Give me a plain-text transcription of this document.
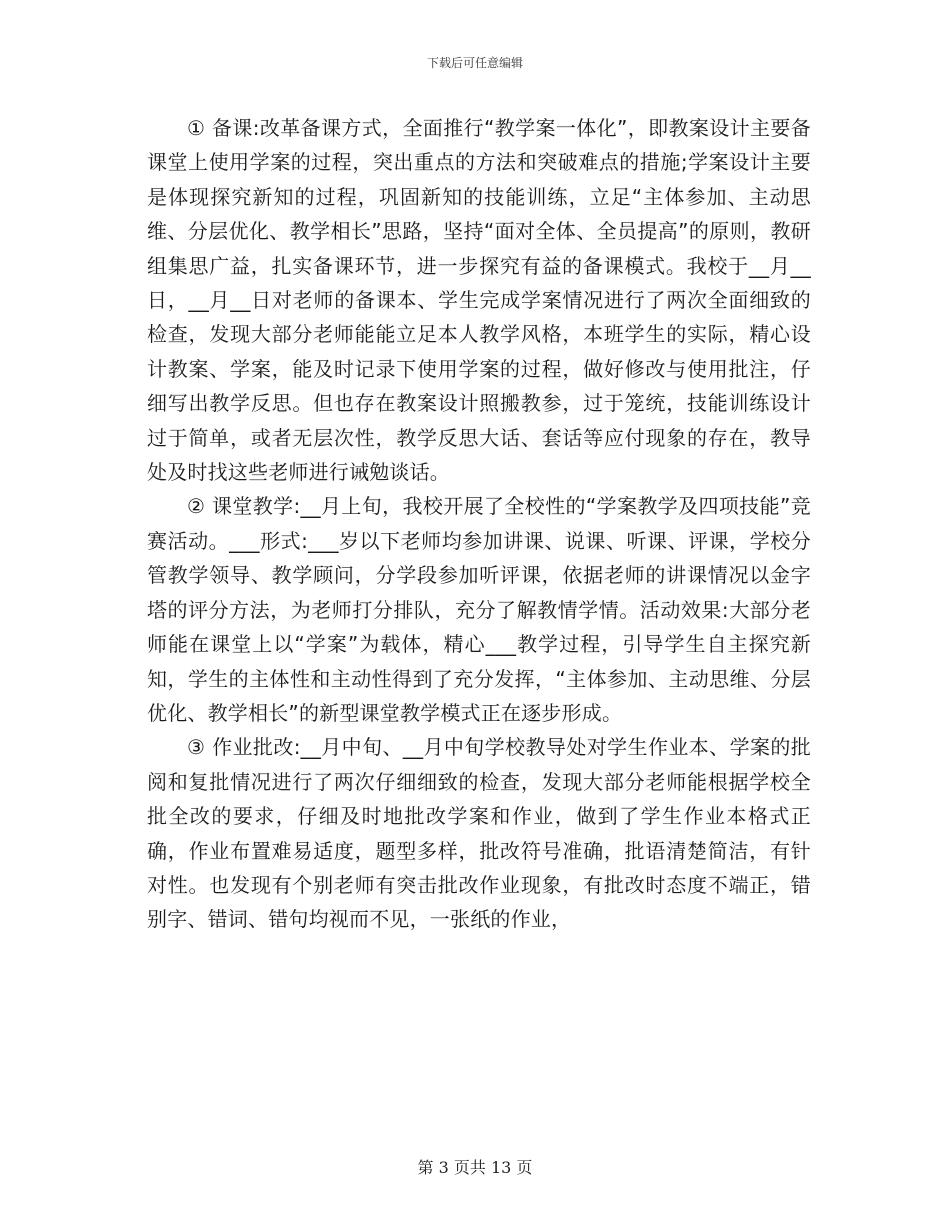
下载后可任意编辑

① 备课:改革备课方式，全面推行“教学案一体化”，即教案设计主要备课堂上使用学案的过程，突出重点的方法和突破难点的措施;学案设计主要是体现探究新知的过程，巩固新知的技能训练，立足“主体参加、主动思维、分层优化、教学相长”思路，坚持“面对全体、全员提高”的原则，教研组集思广益，扎实备课环节，进一步探究有益的备课模式。我校于__月__日，__月__日对老师的备课本、学生完成学案情况进行了两次全面细致的检查，发现大部分老师能能立足本人教学风格，本班学生的实际，精心设计教案、学案，能及时记录下使用学案的过程，做好修改与使用批注，仔细写出教学反思。但也存在教案设计照搬教参，过于笼统，技能训练设计过于简单，或者无层次性，教学反思大话、套话等应付现象的存在，教导处及时找这些老师进行诫勉谈话。

② 课堂教学:__月上旬，我校开展了全校性的“学案教学及四项技能”竞赛活动。___形式:___岁以下老师均参加讲课、说课、听课、评课，学校分管教学领导、教学顾问，分学段参加听评课，依据老师的讲课情况以金字塔的评分方法，为老师打分排队，充分了解教情学情。活动效果:大部分老师能在课堂上以“学案”为载体，精心___教学过程，引导学生自主探究新知，学生的主体性和主动性得到了充分发挥，“主体参加、主动思维、分层优化、教学相长”的新型课堂教学模式正在逐步形成。

③ 作业批改:__月中旬、__月中旬学校教导处对学生作业本、学案的批阅和复批情况进行了两次仔细细致的检查，发现大部分老师能根据学校全批全改的要求，仔细及时地批改学案和作业，做到了学生作业本格式正确，作业布置难易适度，题型多样，批改符号准确，批语清楚简洁，有针对性。也发现有个别老师有突击批改作业现象，有批改时态度不端正，错别字、错词、错句均视而不见，一张纸的作业，

第 3 页共 13 页
